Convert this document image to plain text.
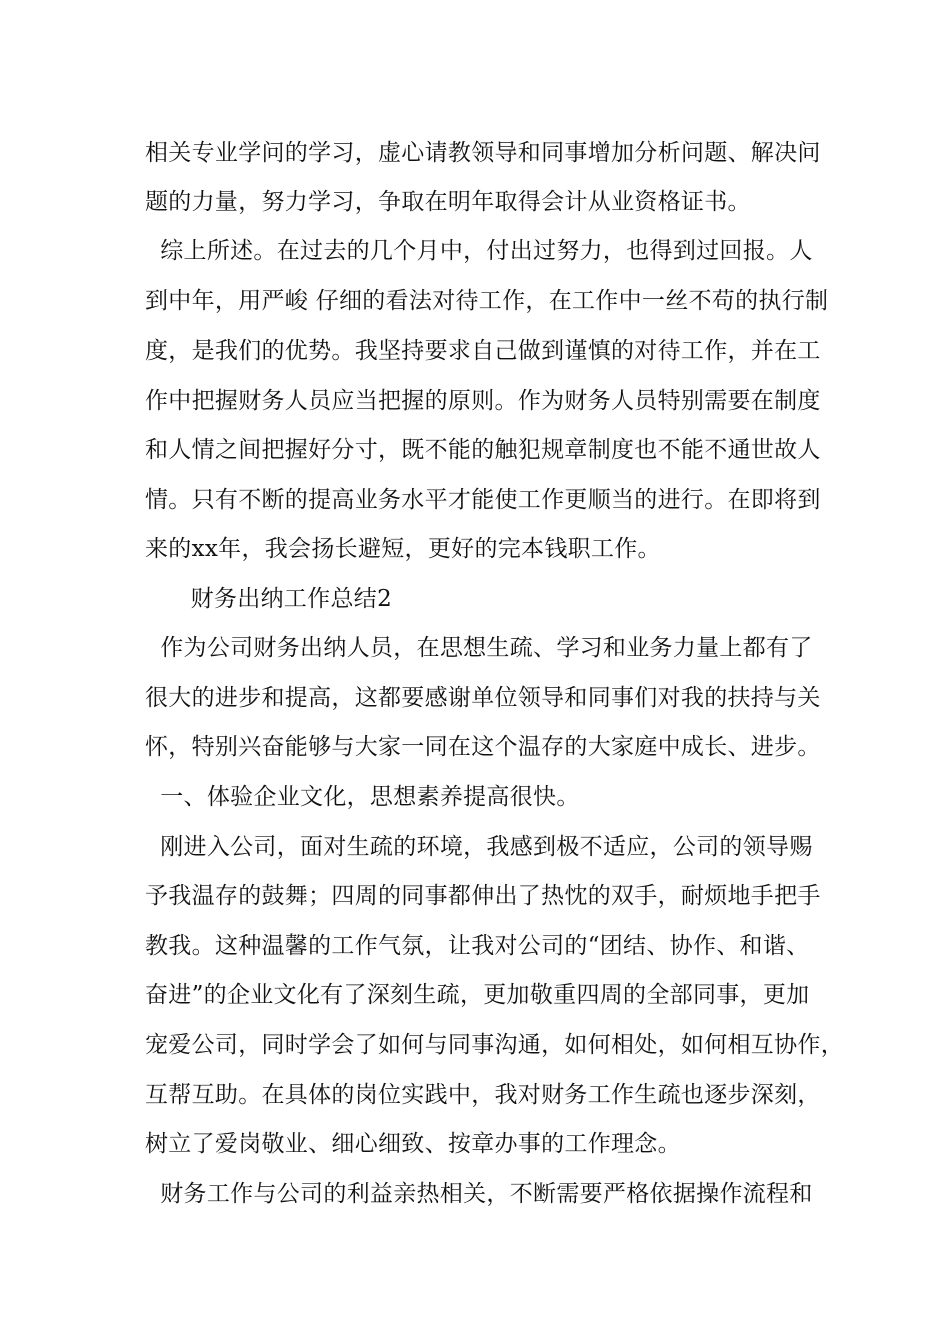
相关专业学问的学习，虚心请教领导和同事增加分析问题、解决问
题的力量，努力学习，争取在明年取得会计从业资格证书。
综上所述。在过去的几个月中，付出过努力，也得到过回报。人
到中年，用严峻 仔细的看法对待工作，在工作中一丝不苟的执行制
度，是我们的优势。我坚持要求自己做到谨慎的对待工作，并在工
作中把握财务人员应当把握的原则。作为财务人员特别需要在制度
和人情之间把握好分寸，既不能的触犯规章制度也不能不通世故人
情。只有不断的提高业务水平才能使工作更顺当的进行。在即将到
来的xx年，我会扬长避短，更好的完本钱职工作。
财务出纳工作总结2
作为公司财务出纳人员，在思想生疏、学习和业务力量上都有了
很大的进步和提高，这都要感谢单位领导和同事们对我的扶持与关
怀，特别兴奋能够与大家一同在这个温存的大家庭中成长、进步。
一、体验企业文化，思想素养提高很快。
刚进入公司，面对生疏的环境，我感到极不适应，公司的领导赐
予我温存的鼓舞；四周的同事都伸出了热忱的双手，耐烦地手把手
教我。这种温馨的工作气氛，让我对公司的“团结、协作、和谐、
奋进”的企业文化有了深刻生疏，更加敬重四周的全部同事，更加
宠爱公司，同时学会了如何与同事沟通，如何相处，如何相互协作，
互帮互助。在具体的岗位实践中，我对财务工作生疏也逐步深刻，
树立了爱岗敬业、细心细致、按章办事的工作理念。
财务工作与公司的利益亲热相关，不断需要严格依据操作流程和
